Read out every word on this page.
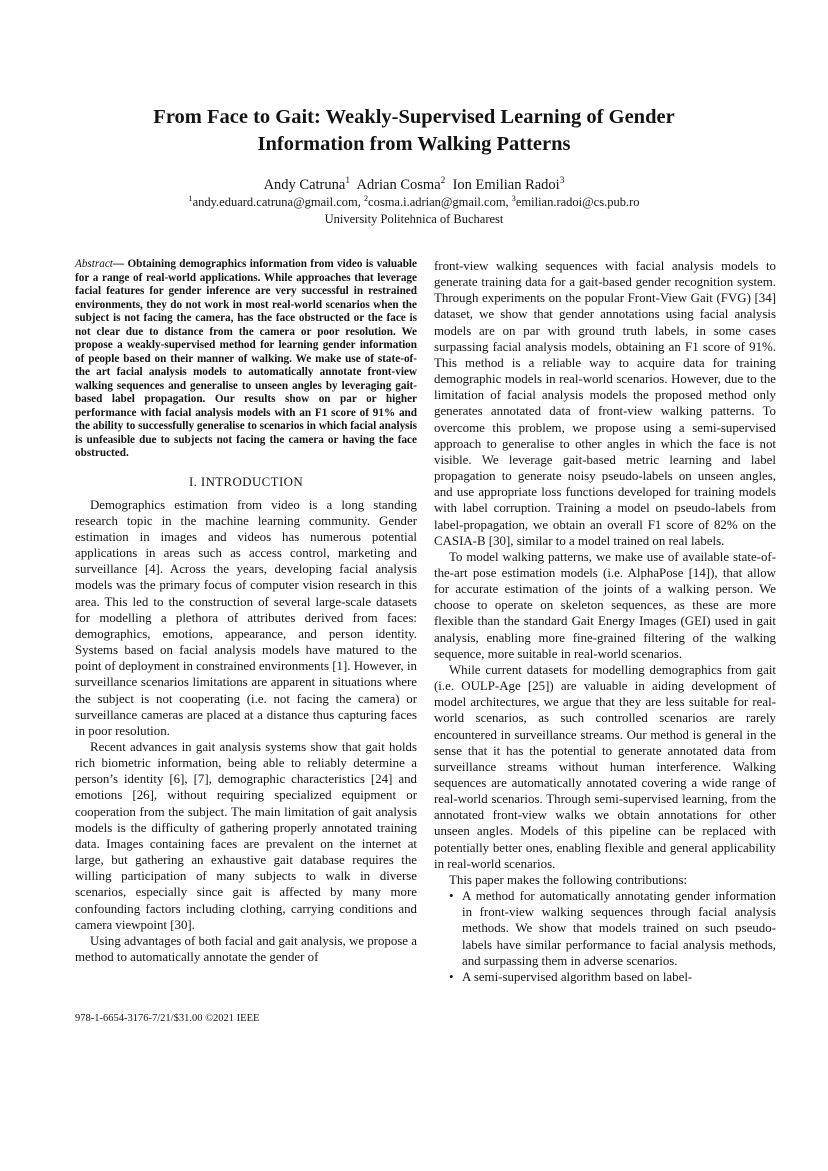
From Face to Gait: Weakly-Supervised Learning of Gender
Information from Walking Patterns
Andy Catruna$^1$ Adrian Cosma$^2$ Ion Emilian Radoi$^3$
$^1$andy.eduard.catruna@gmail.com, $^2$cosma.i.adrian@gmail.com, $^3$emilian.radoi@cs.pub.ro
University Politehnica of Bucharest

Abstract— Obtaining demographics information from video is valuable for a range of real-world applications. While approaches that leverage facial features for gender inference are very successful in restrained environments, they do not work in most real-world scenarios when the subject is not facing the camera, has the face obstructed or the face is not clear due to distance from the camera or poor resolution. We propose a weakly-supervised method for learning gender information of people based on their manner of walking. We make use of state-of-the art facial analysis models to automatically annotate front-view walking sequences and generalise to unseen angles by leveraging gait-based label propagation. Our results show on par or higher performance with facial analysis models with an F1 score of 91% and the ability to successfully generalise to scenarios in which facial analysis is unfeasible due to subjects not facing the camera or having the face obstructed.

I. INTRODUCTION

Demographics estimation from video is a long standing research topic in the machine learning community. Gender estimation in images and videos has numerous potential applications in areas such as access control, marketing and surveillance [4]. Across the years, developing facial analysis models was the primary focus of computer vision research in this area. This led to the construction of several large-scale datasets for modelling a plethora of attributes derived from faces: demographics, emotions, appearance, and person identity. Systems based on facial analysis models have matured to the point of deployment in constrained environments [1]. However, in surveillance scenarios limitations are apparent in situations where the subject is not cooperating (i.e. not facing the camera) or surveillance cameras are placed at a distance thus capturing faces in poor resolution.

Recent advances in gait analysis systems show that gait holds rich biometric information, being able to reliably determine a person’s identity [6], [7], demographic characteristics [24] and emotions [26], without requiring specialized equipment or cooperation from the subject. The main limitation of gait analysis models is the difficulty of gathering properly annotated training data. Images containing faces are prevalent on the internet at large, but gathering an exhaustive gait database requires the willing participation of many subjects to walk in diverse scenarios, especially since gait is affected by many more confounding factors including clothing, carrying conditions and camera viewpoint [30].

Using advantages of both facial and gait analysis, we propose a method to automatically annotate the gender of

978-1-6654-3176-7/21/$31.00 ©2021 IEEE

front-view walking sequences with facial analysis models to generate training data for a gait-based gender recognition system. Through experiments on the popular Front-View Gait (FVG) [34] dataset, we show that gender annotations using facial analysis models are on par with ground truth labels, in some cases surpassing facial analysis models, obtaining an F1 score of 91%. This method is a reliable way to acquire data for training demographic models in real-world scenarios. However, due to the limitation of facial analysis models the proposed method only generates annotated data of front-view walking patterns. To overcome this problem, we propose using a semi-supervised approach to generalise to other angles in which the face is not visible. We leverage gait-based metric learning and label propagation to generate noisy pseudo-labels on unseen angles, and use appropriate loss functions developed for training models with label corruption. Training a model on pseudo-labels from label-propagation, we obtain an overall F1 score of 82% on the CASIA-B [30], similar to a model trained on real labels.

To model walking patterns, we make use of available state-of-the-art pose estimation models (i.e. AlphaPose [14]), that allow for accurate estimation of the joints of a walking person. We choose to operate on skeleton sequences, as these are more flexible than the standard Gait Energy Images (GEI) used in gait analysis, enabling more fine-grained filtering of the walking sequence, more suitable in real-world scenarios.

While current datasets for modelling demographics from gait (i.e. OULP-Age [25]) are valuable in aiding development of model architectures, we argue that they are less suitable for real-world scenarios, as such controlled scenarios are rarely encountered in surveillance streams. Our method is general in the sense that it has the potential to generate annotated data from surveillance streams without human interference. Walking sequences are automatically annotated covering a wide range of real-world scenarios. Through semi-supervised learning, from the annotated front-view walks we obtain annotations for other unseen angles. Models of this pipeline can be replaced with potentially better ones, enabling flexible and general applicability in real-world scenarios.

This paper makes the following contributions:

• A method for automatically annotating gender information in front-view walking sequences through facial analysis methods. We show that models trained on such pseudo-labels have similar performance to facial analysis methods, and surpassing them in adverse scenarios.
• A semi-supervised algorithm based on label-
